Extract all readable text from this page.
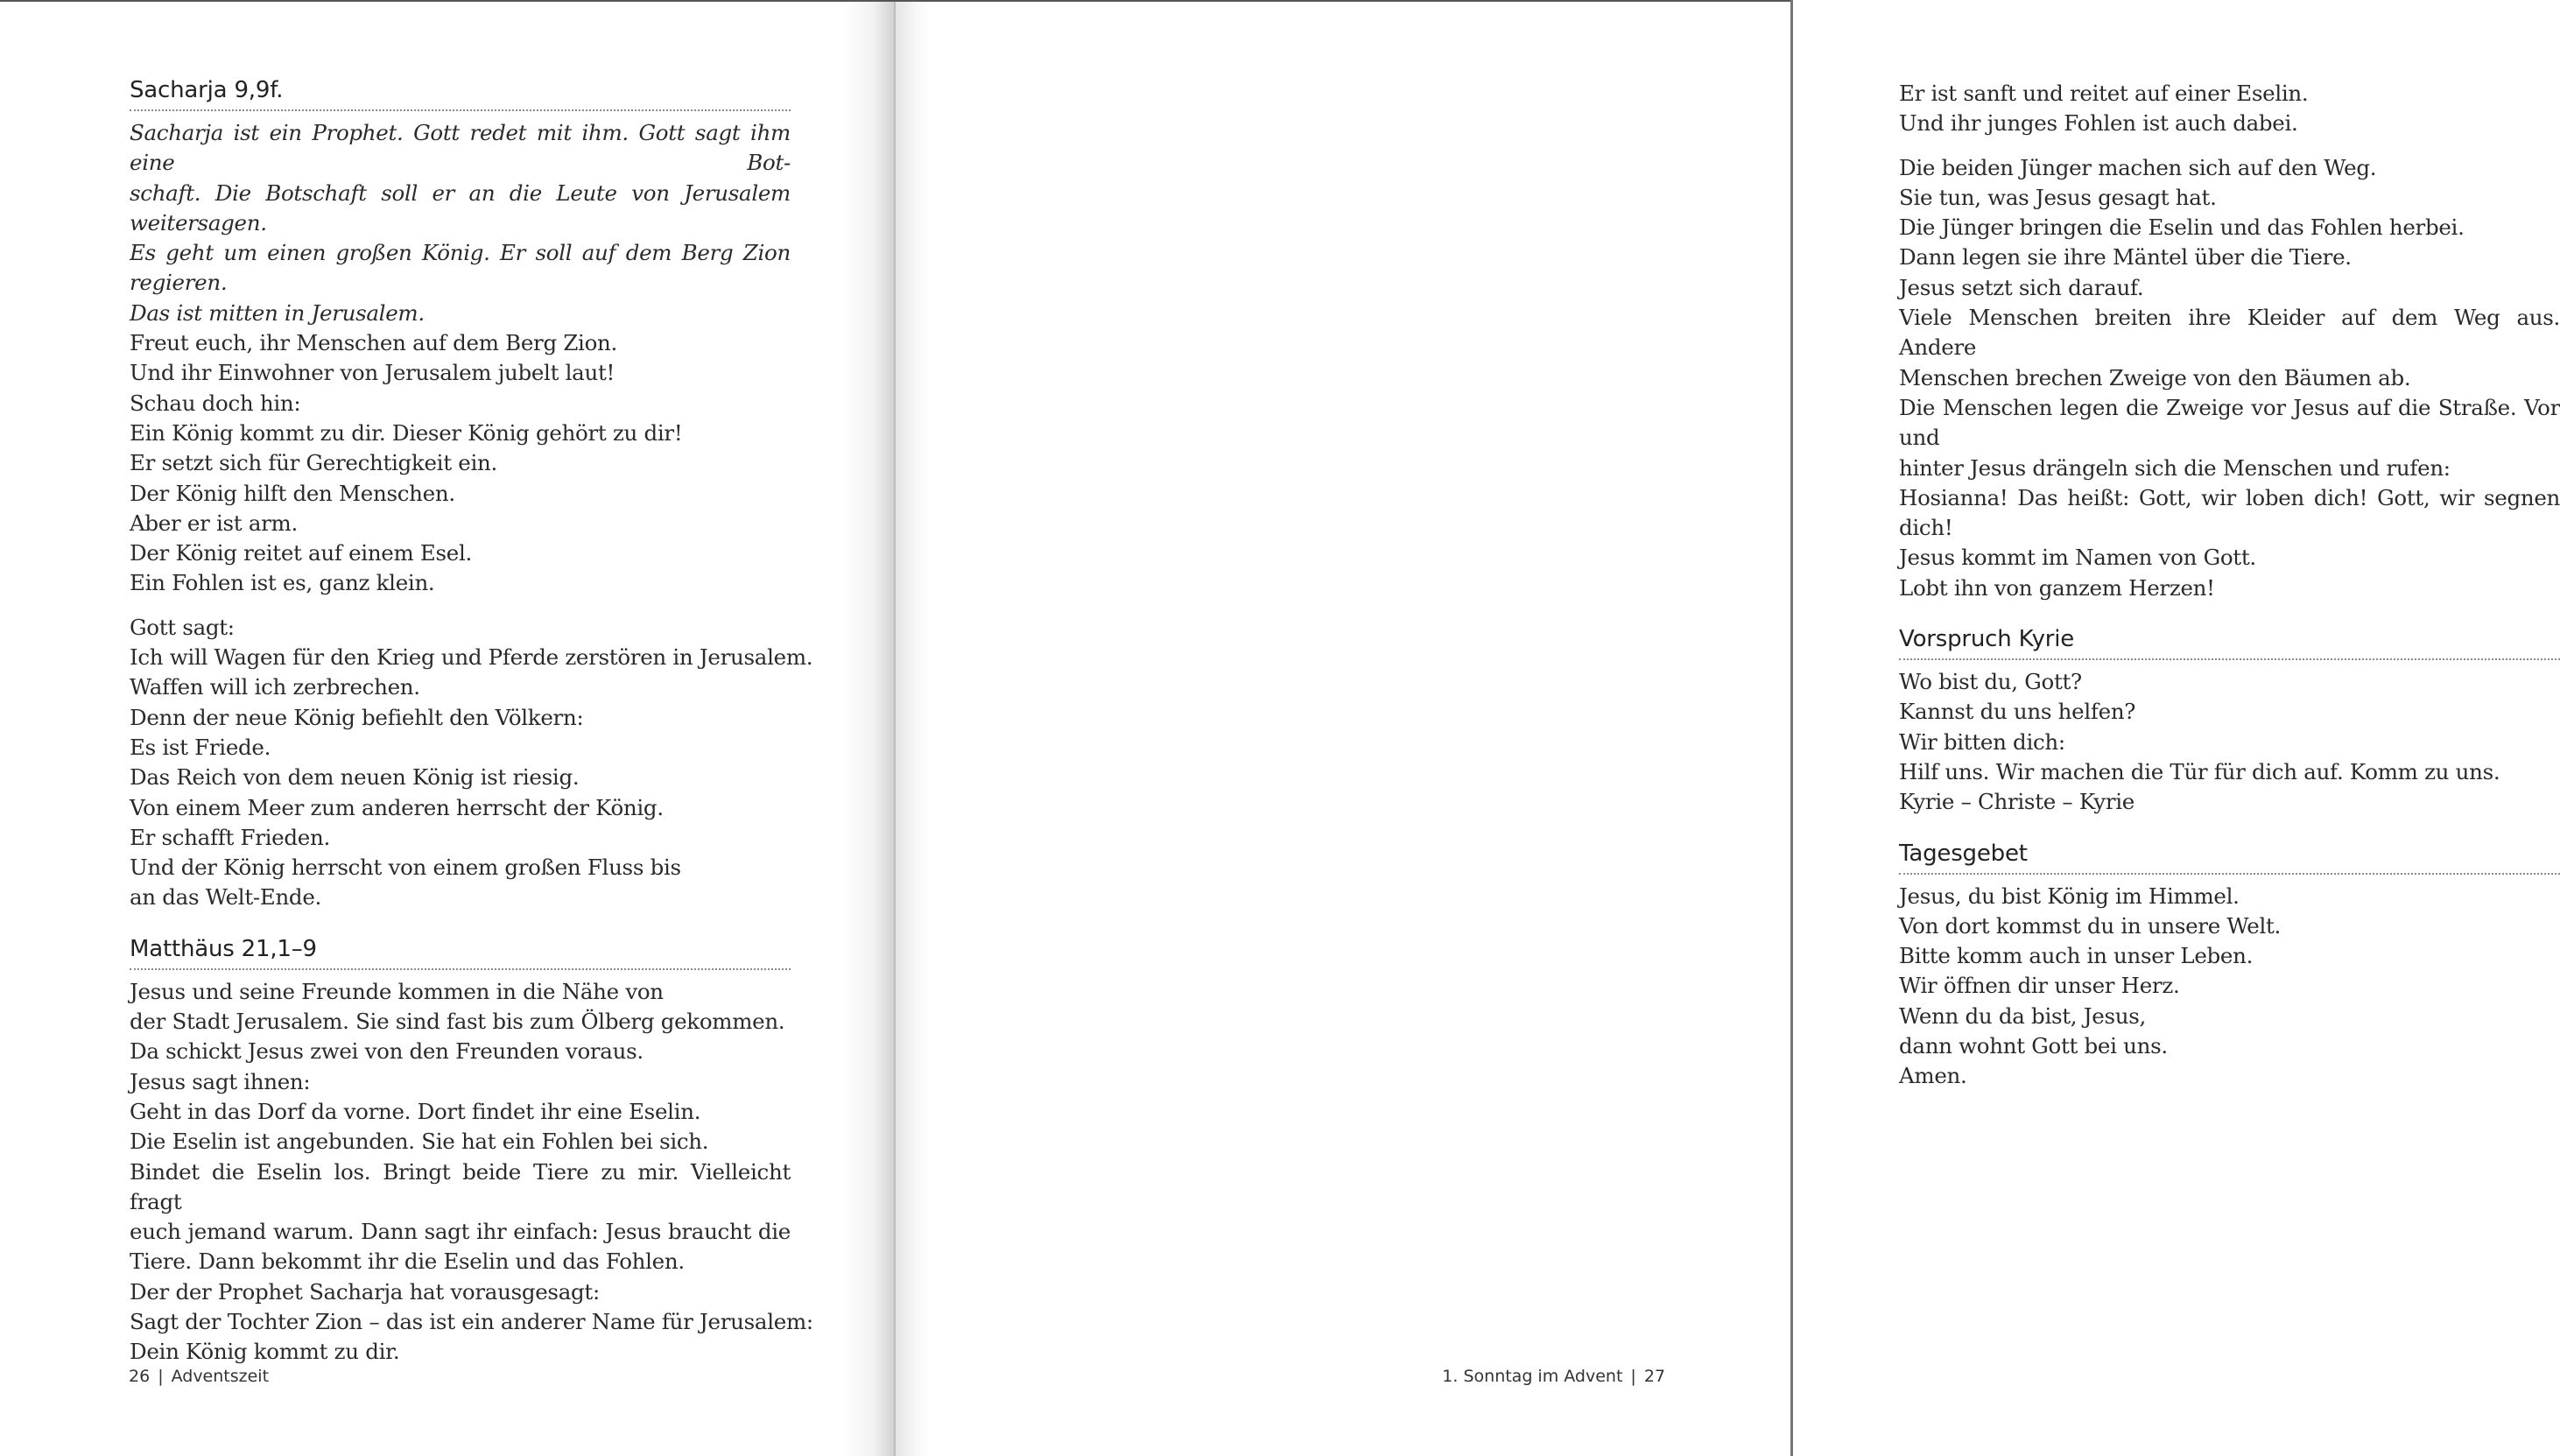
Sacharja 9,9f.
Sacharja ist ein Prophet. Gott redet mit ihm. Gott sagt ihm eine Bot-
schaft. Die Botschaft soll er an die Leute von Jerusalem weitersagen.
Es geht um einen großen König. Er soll auf dem Berg Zion regieren.
Das ist mitten in Jerusalem.
Freut euch, ihr Menschen auf dem Berg Zion.
Und ihr Einwohner von Jerusalem jubelt laut!
Schau doch hin:
Ein König kommt zu dir. Dieser König gehört zu dir!
Er setzt sich für Gerechtigkeit ein.
Der König hilft den Menschen.
Aber er ist arm.
Der König reitet auf einem Esel.
Ein Fohlen ist es, ganz klein.
Gott sagt:
Ich will Wagen für den Krieg und Pferde zerstören in Jerusalem.
Waffen will ich zerbrechen.
Denn der neue König befiehlt den Völkern:
Es ist Friede.
Das Reich von dem neuen König ist riesig.
Von einem Meer zum anderen herrscht der König.
Er schafft Frieden.
Und der König herrscht von einem großen Fluss bis
an das Welt-Ende.
Matthäus 21,1–9
Jesus und seine Freunde kommen in die Nähe von
der Stadt Jerusalem. Sie sind fast bis zum Ölberg gekommen.
Da schickt Jesus zwei von den Freunden voraus.
Jesus sagt ihnen:
Geht in das Dorf da vorne. Dort findet ihr eine Eselin.
Die Eselin ist angebunden. Sie hat ein Fohlen bei sich.
Bindet die Eselin los. Bringt beide Tiere zu mir. Vielleicht fragt
euch jemand warum. Dann sagt ihr einfach: Jesus braucht die
Tiere. Dann bekommt ihr die Eselin und das Fohlen.
Der der Prophet Sacharja hat vorausgesagt:
Sagt der Tochter Zion – das ist ein anderer Name für Jerusalem:
Dein König kommt zu dir.
26 | Adventszeit
Er ist sanft und reitet auf einer Eselin.
Und ihr junges Fohlen ist auch dabei.
Die beiden Jünger machen sich auf den Weg.
Sie tun, was Jesus gesagt hat.
Die Jünger bringen die Eselin und das Fohlen herbei.
Dann legen sie ihre Mäntel über die Tiere.
Jesus setzt sich darauf.
Viele Menschen breiten ihre Kleider auf dem Weg aus. Andere
Menschen brechen Zweige von den Bäumen ab.
Die Menschen legen die Zweige vor Jesus auf die Straße. Vor und
hinter Jesus drängeln sich die Menschen und rufen:
Hosianna! Das heißt: Gott, wir loben dich! Gott, wir segnen dich!
Jesus kommt im Namen von Gott.
Lobt ihn von ganzem Herzen!
Vorspruch Kyrie
Wo bist du, Gott?
Kannst du uns helfen?
Wir bitten dich:
Hilf uns. Wir machen die Tür für dich auf. Komm zu uns.
Kyrie – Christe – Kyrie
Tagesgebet
Jesus, du bist König im Himmel.
Von dort kommst du in unsere Welt.
Bitte komm auch in unser Leben.
Wir öffnen dir unser Herz.
Wenn du da bist, Jesus,
dann wohnt Gott bei uns.
Amen.
1. Sonntag im Advent | 27
